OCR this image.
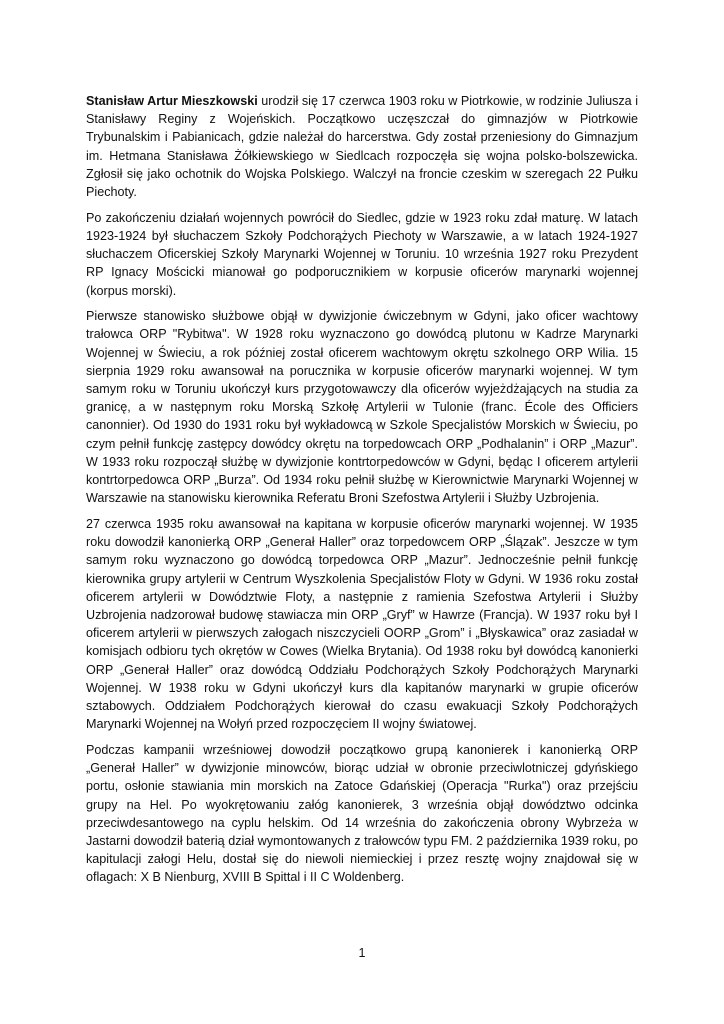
Stanisław Artur Mieszkowski urodził się 17 czerwca 1903 roku w Piotrkowie, w rodzinie Juliusza i Stanisławy Reginy z Wojeńskich. Początkowo uczęszczał do gimnazjów w Piotrkowie Trybunalskim i Pabianicach, gdzie należał do harcerstwa. Gdy został przeniesiony do Gimnazjum im. Hetmana Stanisława Żółkiewskiego w Siedlcach rozpoczęła się wojna polsko-bolszewicka. Zgłosił się jako ochotnik do Wojska Polskiego. Walczył na froncie czeskim w szeregach 22 Pułku Piechoty.

Po zakończeniu działań wojennych powrócił do Siedlec, gdzie w 1923 roku zdał maturę. W latach 1923-1924 był słuchaczem Szkoły Podchorążych Piechoty w Warszawie, a w latach 1924-1927 słuchaczem Oficerskiej Szkoły Marynarki Wojennej w Toruniu. 10 września 1927 roku Prezydent RP Ignacy Mościcki mianował go podporucznikiem w korpusie oficerów marynarki wojennej (korpus morski).

Pierwsze stanowisko służbowe objął w dywizjonie ćwiczebnym w Gdyni, jako oficer wachtowy trałowca ORP "Rybitwa". W 1928 roku wyznaczono go dowódcą plutonu w Kadrze Marynarki Wojennej w Świeciu, a rok później został oficerem wachtowym okrętu szkolnego ORP Wilia. 15 sierpnia 1929 roku awansował na porucznika w korpusie oficerów marynarki wojennej. W tym samym roku w Toruniu ukończył kurs przygotowawczy dla oficerów wyjeżdżających na studia za granicę, a w następnym roku Morską Szkołę Artylerii w Tulonie (franc. École des Officiers canonnier). Od 1930 do 1931 roku był wykładowcą w Szkole Specjalistów Morskich w Świeciu, po czym pełnił funkcję zastępcy dowódcy okrętu na torpedowcach ORP „Podhalanin” i ORP „Mazur”. W 1933 roku rozpoczął służbę w dywizjonie kontrtorpedowców w Gdyni, będąc I oficerem artylerii kontrtorpedowca ORP „Burza”. Od 1934 roku pełnił służbę w Kierownictwie Marynarki Wojennej w Warszawie na stanowisku kierownika Referatu Broni Szefostwa Artylerii i Służby Uzbrojenia.

27 czerwca 1935 roku awansował na kapitana w korpusie oficerów marynarki wojennej. W 1935 roku dowodził kanonierką ORP „Generał Haller” oraz torpedowcem ORP „Ślązak”. Jeszcze w tym samym roku wyznaczono go dowódcą torpedowca ORP „Mazur”. Jednocześnie pełnił funkcję kierownika grupy artylerii w Centrum Wyszkolenia Specjalistów Floty w Gdyni. W 1936 roku został oficerem artylerii w Dowództwie Floty, a następnie z ramienia Szefostwa Artylerii i Służby Uzbrojenia nadzorował budowę stawiacza min ORP „Gryf” w Hawrze (Francja). W 1937 roku był I oficerem artylerii w pierwszych załogach niszczycieli OORP „Grom” i „Błyskawica” oraz zasiadał w komisjach odbioru tych okrętów w Cowes (Wielka Brytania). Od 1938 roku był dowódcą kanonierki ORP „Generał Haller” oraz dowódcą Oddziału Podchorążych Szkoły Podchorążych Marynarki Wojennej. W 1938 roku w Gdyni ukończył kurs dla kapitanów marynarki w grupie oficerów sztabowych. Oddziałem Podchorążych kierował do czasu ewakuacji Szkoły Podchorążych Marynarki Wojennej na Wołyń przed rozpoczęciem II wojny światowej.

Podczas kampanii wrześniowej dowodził początkowo grupą kanonierek i kanonierką ORP „Generał Haller” w dywizjonie minowców, biorąc udział w obronie przeciwlotniczej gdyńskiego portu, osłonie stawiania min morskich na Zatoce Gdańskiej (Operacja "Rurka") oraz przejściu grupy na Hel. Po wyokrętowaniu załóg kanonierek, 3 września objął dowództwo odcinka przeciwdesantowego na cyplu helskim. Od 14 września do zakończenia obrony Wybrzeża w Jastarni dowodził baterią dział wymontowanych z trałowców typu FM. 2 października 1939 roku, po kapitulacji załogi Helu, dostał się do niewoli niemieckiej i przez resztę wojny znajdował się w oflagach: X B Nienburg, XVIII B Spittal i II C Woldenberg.

1
